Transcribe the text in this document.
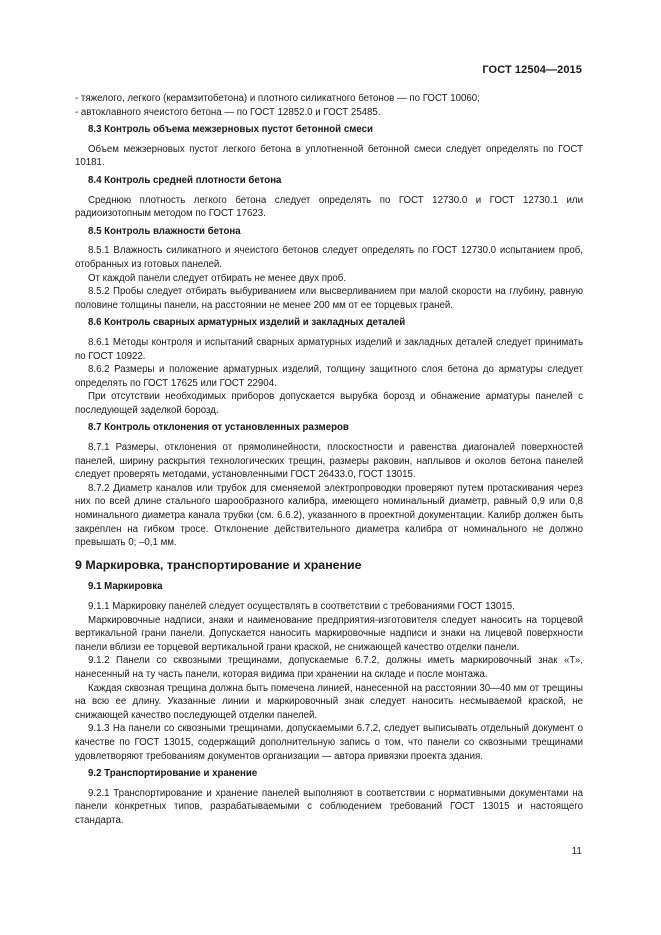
ГОСТ 12504—2015
- тяжелого, легкого (керамзитобетона) и плотного силикатного бетонов — по ГОСТ 10060;
- автоклавного ячеистого бетона — по ГОСТ 12852.0 и ГОСТ 25485.
8.3 Контроль объема межзерновых пустот бетонной смеси
Объем межзерновых пустот легкого бетона в уплотненной бетонной смеси следует определять по ГОСТ 10181.
8.4 Контроль средней плотности бетона
Среднюю плотность легкого бетона следует определять по ГОСТ 12730.0 и ГОСТ 12730.1 или радиоизотопным методом по ГОСТ 17623.
8.5 Контроль влажности бетона
8.5.1 Влажность силикатного и ячеистого бетонов следует определять по ГОСТ 12730.0 испытанием проб, отобранных из готовых панелей.
От каждой панели следует отбирать не менее двух проб.
8.5.2 Пробы следует отбирать выбуриванием или высверливанием при малой скорости на глубину, равную половине толщины панели, на расстоянии не менее 200 мм от ее торцевых граней.
8.6 Контроль сварных арматурных изделий и закладных деталей
8.6.1 Методы контроля и испытаний сварных арматурных изделий и закладных деталей следует принимать по ГОСТ 10922.
8.6.2 Размеры и положение арматурных изделий, толщину защитного слоя бетона до арматуры следует определять по ГОСТ 17625 или ГОСТ 22904.
При отсутствии необходимых приборов допускается вырубка борозд и обнажение арматуры панелей с последующей заделкой борозд.
8.7 Контроль отклонения от установленных размеров
8.7.1 Размеры, отклонения от прямолинейности, плоскостности и равенства диагоналей поверхностей панелей, ширину раскрытия технологических трещин, размеры раковин, наплывов и околов бетона панелей следует проверять методами, установленными ГОСТ 26433.0, ГОСТ 13015.
8.7.2 Диаметр каналов или трубок для сменяемой электропроводки проверяют путем протаскивания через них по всей длине стального шарообразного калибра, имеющего номинальный диаметр, равный 0,9 или 0,8 номинального диаметра канала трубки (см. 6.6.2), указанного в проектной документации. Калибр должен быть закреплен на гибком тросе. Отклонение действительного диаметра калибра от номинального не должно превышать 0; –0,1 мм.
9 Маркировка, транспортирование и хранение
9.1 Маркировка
9.1.1 Маркировку панелей следует осуществлять в соответствии с требованиями ГОСТ 13015.
Маркировочные надписи, знаки и наименование предприятия-изготовителя следует наносить на торцевой вертикальной грани панели. Допускается наносить маркировочные надписи и знаки на лицевой поверхности панели вблизи ее торцевой вертикальной грани краской, не снижающей качество отделки панели.
9.1.2 Панели со сквозными трещинами, допускаемые 6.7.2, должны иметь маркировочный знак «Т», нанесенный на ту часть панели, которая видима при хранении на складе и после монтажа.
Каждая сквозная трещина должна быть помечена линией, нанесенной на расстоянии 30—40 мм от трещины на всю ее длину. Указанные линии и маркировочный знак следует наносить несмываемой краской, не снижающей качество последующей отделки панелей.
9.1.3 На панели со сквозными трещинами, допускаемыми 6.7.2, следует выписывать отдельный документ о качестве по ГОСТ 13015, содержащий дополнительную запись о том, что панели со сквозными трещинами удовлетворяют требованиям документов организации — автора привязки проекта здания.
9.2 Транспортирование и хранение
9.2.1 Транспортирование и хранение панелей выполняют в соответствии с нормативными документами на панели конкретных типов, разрабатываемыми с соблюдением требований ГОСТ 13015 и настоящего стандарта.
11
